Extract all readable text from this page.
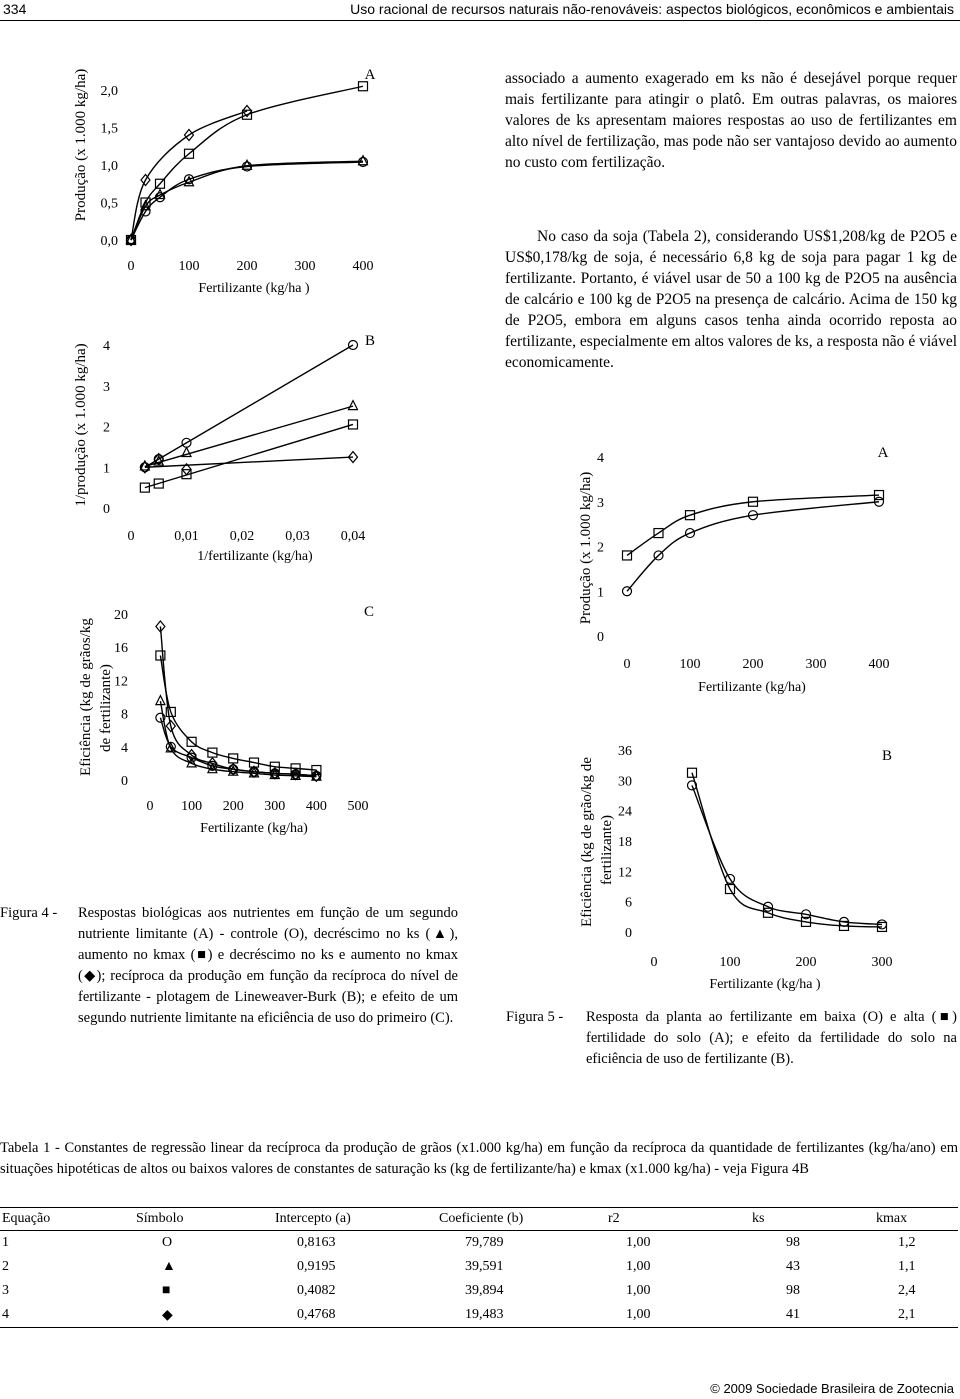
334	Uso racional de recursos naturais não-renováveis: aspectos biológicos, econômicos e ambientais
Produção (x 1.000 kg/ha)	A
Fertilizante (kg/ha )
2,0
1,5
1,0
0,5
0,0
0	100	200	300	400
1/produção (x 1.000 kg/ha)
B
1/fertilizante (kg/ha)
4
3
2
1
0
0	0,01 0,02 0,03 0,04
Eficiência (kg de grãos/kg de fertilizante)
C
Fertilizante (kg/ha)
20
16
12
8
4
0
0 100 200 300 400 500
Produção (x 1.000 kg/ha)
A
Fertilizante (kg/ha)
4
3
2
1
0
0	100	200	300	400
Eficiência (kg de grão/kg de fertilizante)
B
Fertilizante (kg/ha )
36
30
24
18
12
6
0
0	100	200	300
Figura 4 - Respostas biológicas aos nutrientes em função de um segundo nutriente limitante (A) - controle (O), decréscimo no ks (▲), aumento no kmax (■) e decréscimo no ks e aumento no kmax (◆); recíproca da produção em função da recíproca do nível de fertilizante - plotagem de Lineweaver-Burk (B); e efeito de um segundo nutriente limitante na eficiência de uso do primeiro (C).
associado a aumento exagerado em ks não é desejável porque requer mais fertilizante para atingir o platô. Em outras palavras, os maiores valores de ks apresentam maiores respostas ao uso de fertilizantes em alto nível de fertilização, mas pode não ser vantajoso devido ao aumento no custo com fertilização.
No caso da soja (Tabela 2), considerando US$1,208/kg de P2O5 e US$0,178/kg de soja, é necessário 6,8 kg de soja para pagar 1 kg de fertilizante. Portanto, é viável usar de 50 a 100 kg de P2O5 na ausência de calcário e 100 kg de P2O5 na presença de calcário. Acima de 150 kg de P2O5, embora em alguns casos tenha ainda ocorrido reposta ao fertilizante, especialmente em altos valores de ks, a resposta não é viável economicamente.
Figura 5 - Resposta da planta ao fertilizante em baixa (O) e alta (■) fertilidade do solo (A); e efeito da fertilidade do solo na eficiência de uso de fertilizante (B).
Tabela 1 - Constantes de regressão linear da recíproca da produção de grãos (x1.000 kg/ha) em função da recíproca da quantidade de fertilizantes (kg/ha/ano) em situações hipotéticas de altos ou baixos valores de constantes de saturação ks (kg de fertilizante/ha) e kmax (x1.000 kg/ha) - veja Figura 4B
Equação	Símbolo	Intercepto (a)	Coeficiente (b)	r2	ks	kmax
1	O	0,8163	79,789	1,00	98	1,2
2	▲	0,9195	39,591	1,00	43	1,1
3	■	0,4082	39,894	1,00	98	2,4
4	◆	0,4768	19,483	1,00	41	2,1
© 2009 Sociedade Brasileira de Zootecnia
